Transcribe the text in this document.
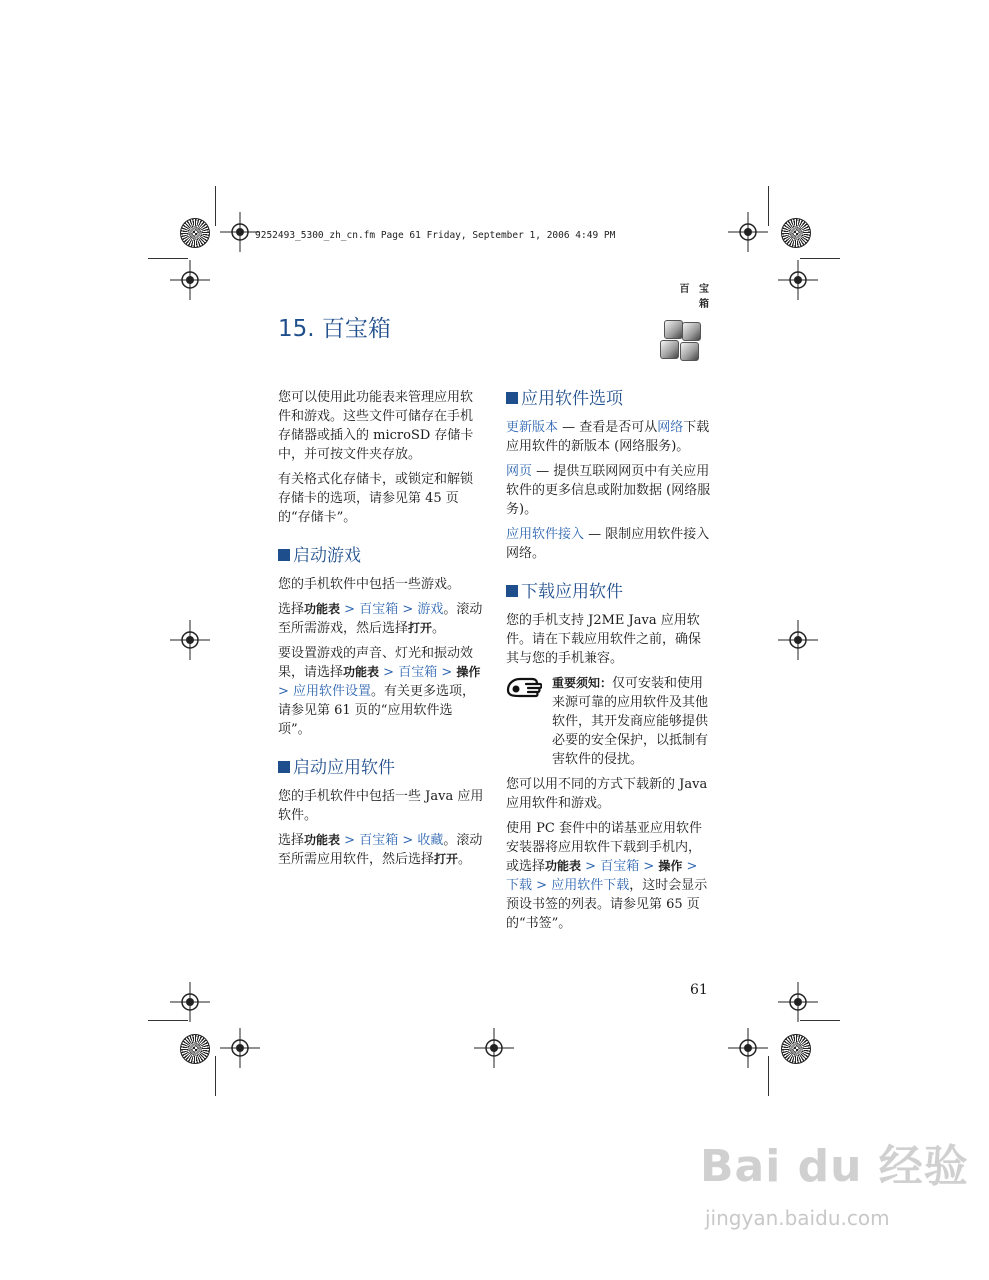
9252493_5300_zh_cn.fm Page 61 Friday, September 1, 2006 4:49 PM
百 宝 箱
15. 百宝箱

您可以使用此功能表来管理应用软件和游戏。这些文件可储存在手机存储器或插入的 microSD 存储卡中，并可按文件夹存放。

有关格式化存储卡，或锁定和解锁存储卡的选项，请参见第 45 页的“存储卡”。

启动游戏

您的手机软件中包括一些游戏。

选择功能表 > 百宝箱 > 游戏。滚动至所需游戏，然后选择打开。

要设置游戏的声音、灯光和振动效果，请选择功能表 > 百宝箱 > 操作 > 应用软件设置。有关更多选项，请参见第 61 页的“应用软件选项”。

启动应用软件

您的手机软件中包括一些 Java 应用软件。

选择功能表 > 百宝箱 > 收藏。滚动至所需应用软件，然后选择打开。

应用软件选项

更新版本 — 查看是否可从网络下载应用软件的新版本 (网络服务)。

网页 — 提供互联网网页中有关应用软件的更多信息或附加数据 (网络服务)。

应用软件接入 — 限制应用软件接入网络。

下载应用软件

您的手机支持 J2ME Java 应用软件。请在下载应用软件之前，确保其与您的手机兼容。

重要须知：仅可安装和使用来源可靠的应用软件及其他软件，其开发商应能够提供必要的安全保护，以抵制有害软件的侵扰。

您可以用不同的方式下载新的 Java 应用软件和游戏。

使用 PC 套件中的诺基亚应用软件安装器将应用软件下载到手机内，或选择功能表 > 百宝箱 > 操作 > 下载 > 应用软件下载，这时会显示预设书签的列表。请参见第 65 页的“书签”。

61
Bai du 经验
jingyan.baidu.com
